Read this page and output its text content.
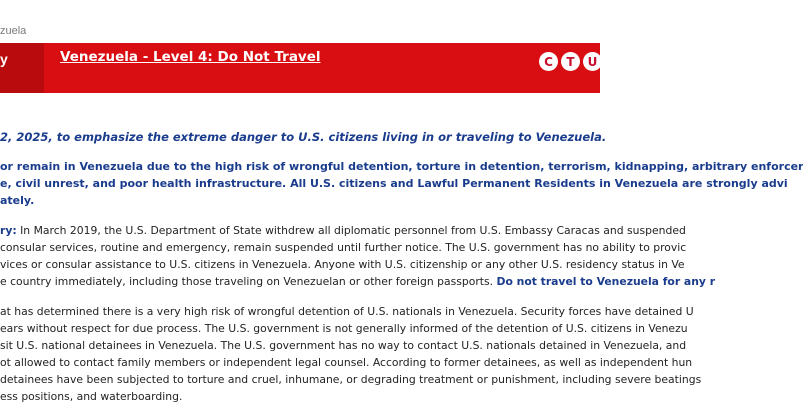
zuela
y	Venezuela - Level 4: Do Not Travel	C	T	U
2, 2025, to emphasize the extreme danger to U.S. citizens living in or traveling to Venezuela.
or remain in Venezuela due to the high risk of wrongful detention, torture in detention, terrorism, kidnapping, arbitrary enforcer
e, civil unrest, and poor health infrastructure. All U.S. citizens and Lawful Permanent Residents in Venezuela are strongly advi
ately.
ry: In March 2019, the U.S. Department of State withdrew all diplomatic personnel from U.S. Embassy Caracas and suspended
consular services, routine and emergency, remain suspended until further notice. The U.S. government has no ability to provic
vices or consular assistance to U.S. citizens in Venezuela. Anyone with U.S. citizenship or any other U.S. residency status in Ve
e country immediately, including those traveling on Venezuelan or other foreign passports. Do not travel to Venezuela for any r
at has determined there is a very high risk of wrongful detention of U.S. nationals in Venezuela. Security forces have detained U
ears without respect for due process. The U.S. government is not generally informed of the detention of U.S. citizens in Venezu
sit U.S. national detainees in Venezuela. The U.S. government has no way to contact U.S. nationals detained in Venezuela, and
ot allowed to contact family members or independent legal counsel. According to former detainees, as well as independent hun
detainees have been subjected to torture and cruel, inhumane, or degrading treatment or punishment, including severe beatings
ess positions, and waterboarding.
